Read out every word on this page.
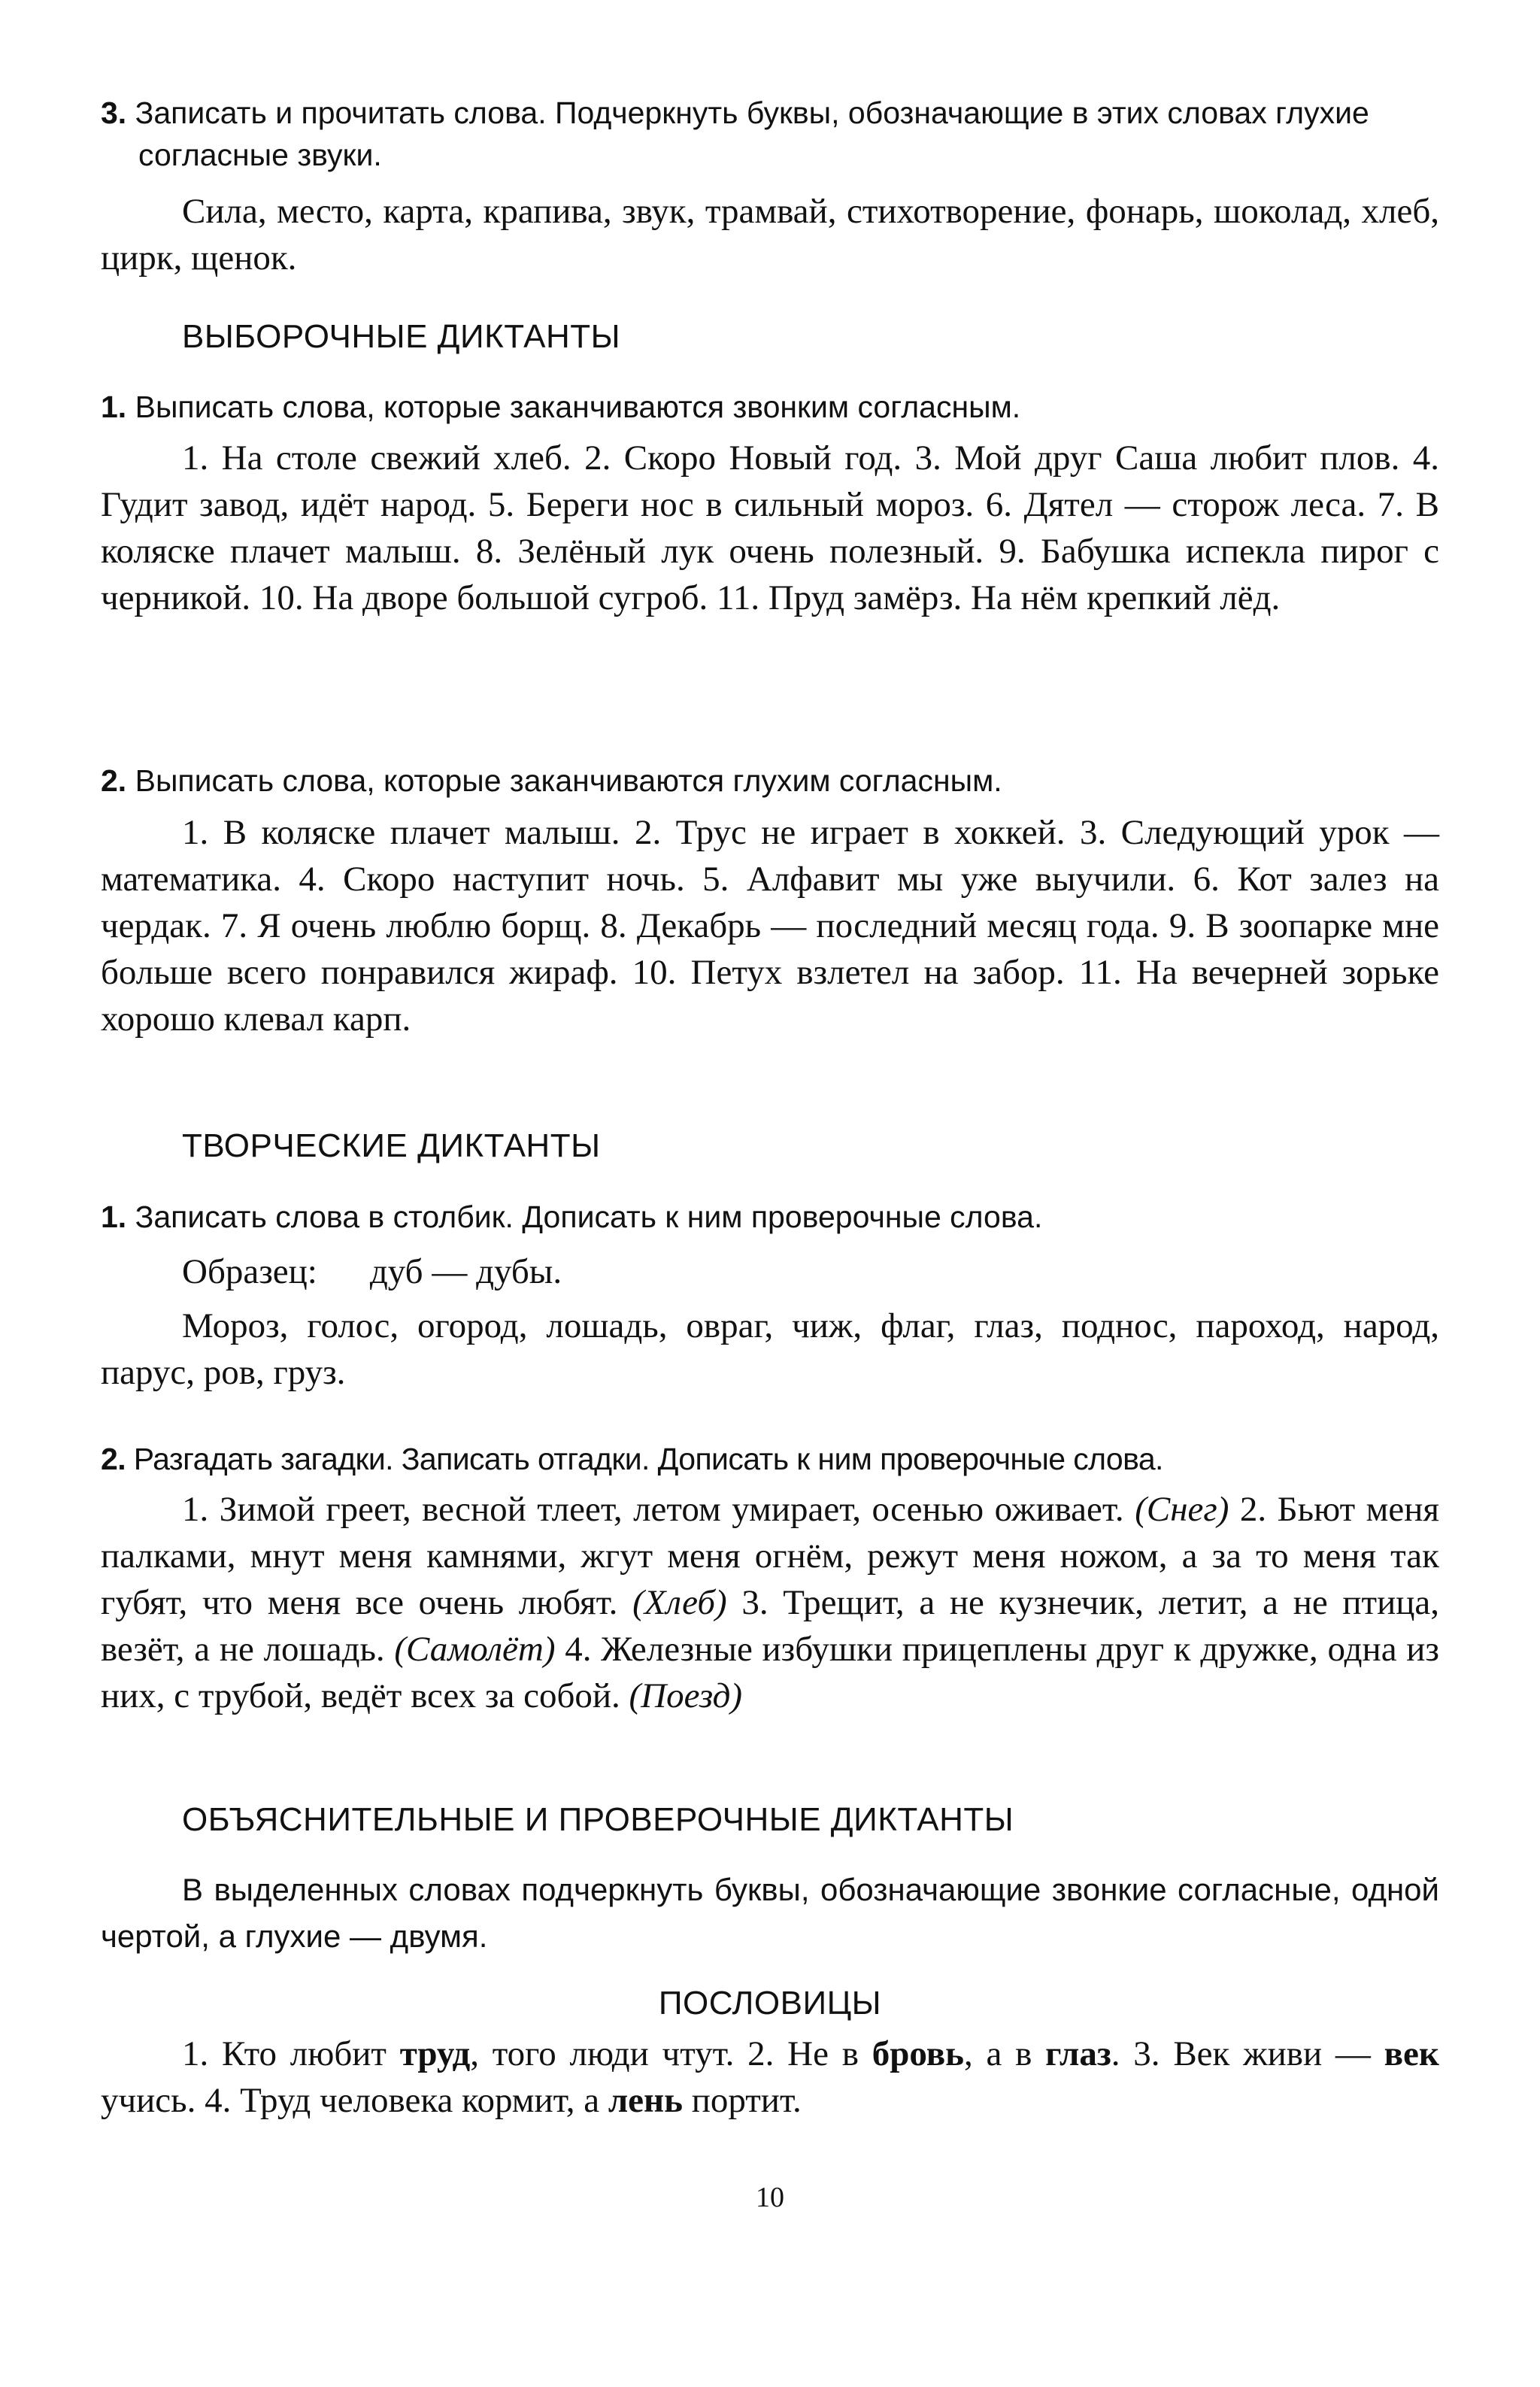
3. Записать и прочитать слова. Подчеркнуть буквы, обозначающие в этих словах глухие согласные звуки.
Сила, место, карта, крапива, звук, трамвай, стихотворение, фонарь, шоколад, хлеб, цирк, щенок.
ВЫБОРОЧНЫЕ ДИКТАНТЫ
1. Выписать слова, которые заканчиваются звонким согласным.
1. На столе свежий хлеб. 2. Скоро Новый год. 3. Мой друг Саша любит плов. 4. Гудит завод, идёт народ. 5. Береги нос в сильный мороз. 6. Дятел — сторож леса. 7. В коляске плачет малыш. 8. Зелёный лук очень полезный. 9. Бабушка испекла пирог с черникой. 10. На дворе большой сугроб. 11. Пруд замёрз. На нём крепкий лёд.
2. Выписать слова, которые заканчиваются глухим согласным.
1. В коляске плачет малыш. 2. Трус не играет в хоккей. 3. Следующий урок — математика. 4. Скоро наступит ночь. 5. Алфавит мы уже выучили. 6. Кот залез на чердак. 7. Я очень люблю борщ. 8. Декабрь — последний месяц года. 9. В зоопарке мне больше всего понравился жираф. 10. Петух взлетел на забор. 11. На вечерней зорьке хорошо клевал карп.
ТВОРЧЕСКИЕ ДИКТАНТЫ
1. Записать слова в столбик. Дописать к ним проверочные слова.
Образец: дуб — дубы.
Мороз, голос, огород, лошадь, овраг, чиж, флаг, глаз, поднос, пароход, народ, парус, ров, груз.
2. Разгадать загадки. Записать отгадки. Дописать к ним проверочные слова.
1. Зимой греет, весной тлеет, летом умирает, осенью оживает. (Снег) 2. Бьют меня палками, мнут меня камнями, жгут меня огнём, режут меня ножом, а за то меня так губят, что меня все очень любят. (Хлеб) 3. Трещит, а не кузнечик, летит, а не птица, везёт, а не лошадь. (Самолёт) 4. Железные избушки прицеплены друг к дружке, одна из них, с трубой, ведёт всех за собой. (Поезд)
ОБЪЯСНИТЕЛЬНЫЕ И ПРОВЕРОЧНЫЕ ДИКТАНТЫ
В выделенных словах подчеркнуть буквы, обозначающие звонкие согласные, одной чертой, а глухие — двумя.
ПОСЛОВИЦЫ
1. Кто любит труд, того люди чтут. 2. Не в бровь, а в глаз. 3. Век живи — век учись. 4. Труд человека кормит, а лень портит.
10
